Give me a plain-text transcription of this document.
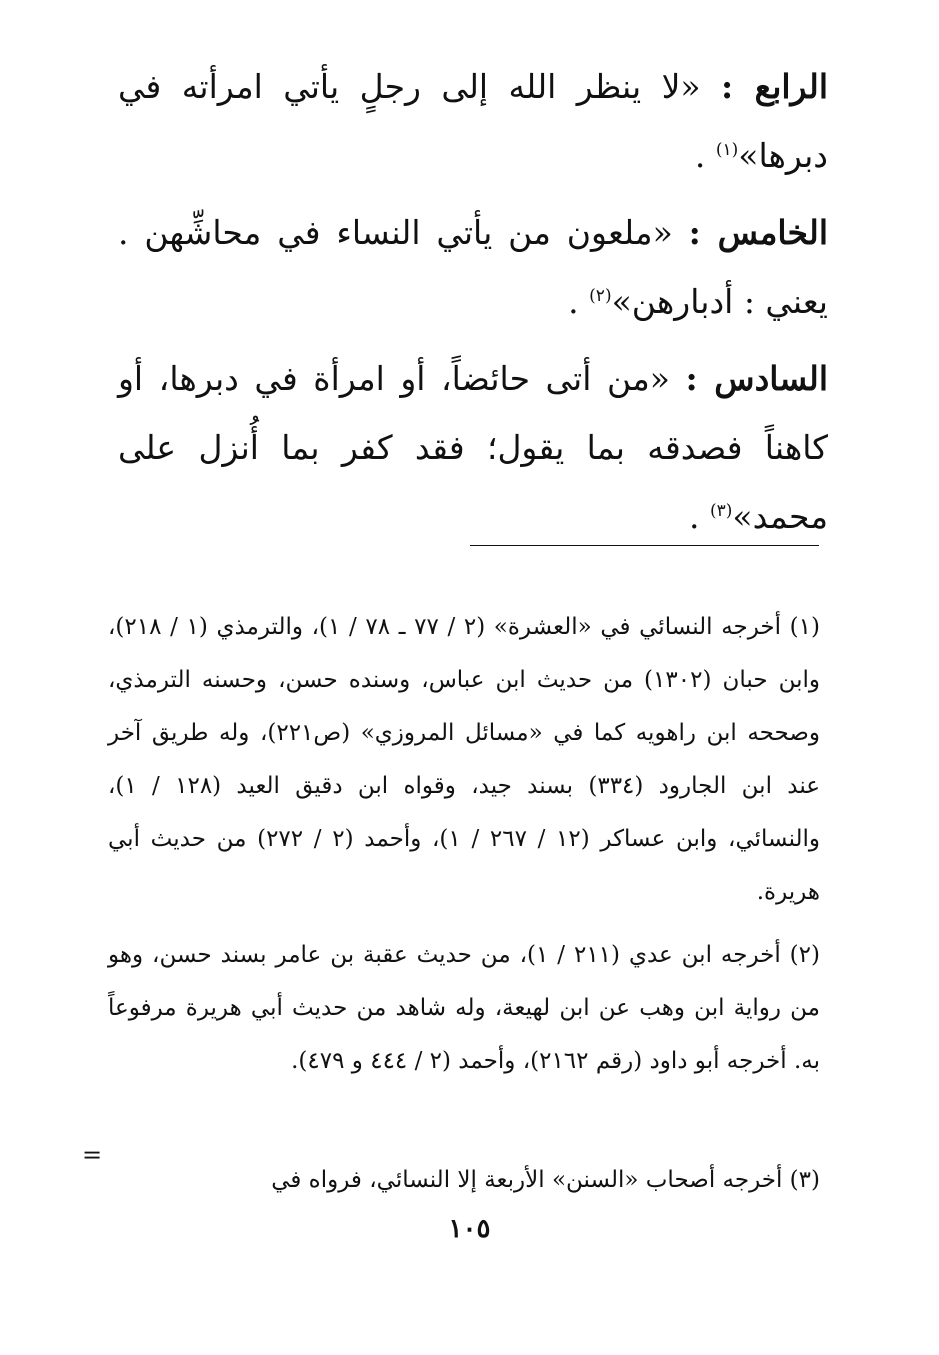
الرابع : «لا ينظر الله إلى رجلٍ يأتي امرأته في دبرها»$^{(١)}$ .

الخامس : «ملعون من يأتي النساء في محاشِّهن . يعني : أدبارهن»$^{(٢)}$ .

السادس : «من أتى حائضاً، أو امرأة في دبرها، أو كاهناً فصدقه بما يقول؛ فقد كفر بما أُنزل على محمد»$^{(٣)}$ .

(١) أخرجه النسائي في «العشرة» (٢ / ٧٧ ـ ٧٨ / ١)، والترمذي (١ / ٢١٨)، وابن حبان (١٣٠٢) من حديث ابن عباس، وسنده حسن، وحسنه الترمذي، وصححه ابن راهويه كما في «مسائل المروزي» (ص٢٢١)، وله طريق آخر عند ابن الجارود (٣٣٤) بسند جيد، وقواه ابن دقيق العيد (١٢٨ / ١)، والنسائي، وابن عساكر (١٢ / ٢٦٧ / ١)، وأحمد (٢ / ٢٧٢) من حديث أبي هريرة.

(٢) أخرجه ابن عدي (٢١١ / ١)، من حديث عقبة بن عامر بسند حسن، وهو من رواية ابن وهب عن ابن لهيعة، وله شاهد من حديث أبي هريرة مرفوعاً به. أخرجه أبو داود (رقم ٢١٦٢)، وأحمد (٢ / ٤٤٤ و ٤٧٩).

(٣) أخرجه أصحاب «السنن» الأربعة إلا النسائي، فرواه في

=
١٠٥
